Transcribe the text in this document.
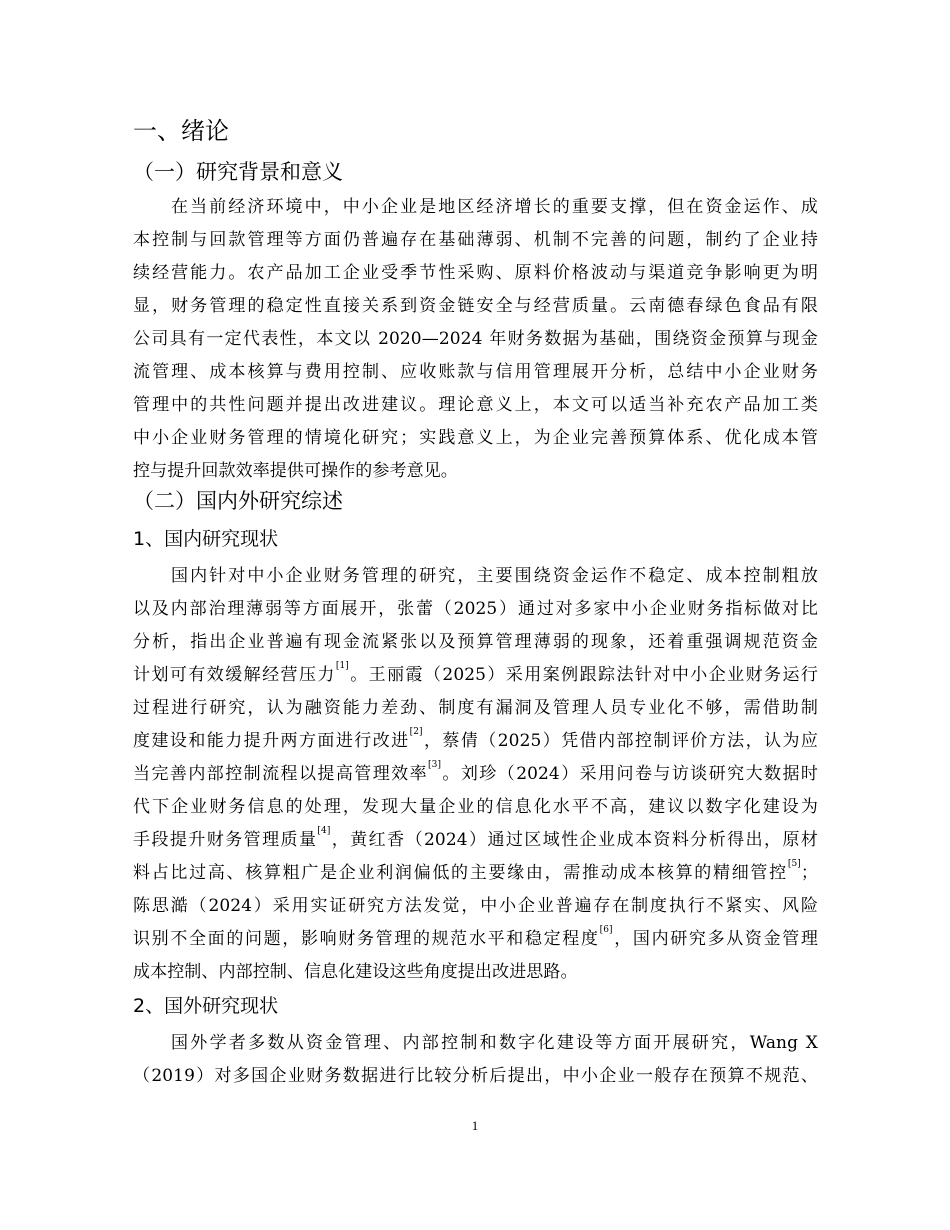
一、绪论
（一）研究背景和意义
在当前经济环境中，中小企业是地区经济增长的重要支撑，但在资金运作、成
本控制与回款管理等方面仍普遍存在基础薄弱、机制不完善的问题，制约了企业持
续经营能力。农产品加工企业受季节性采购、原料价格波动与渠道竞争影响更为明
显，财务管理的稳定性直接关系到资金链安全与经营质量。云南德春绿色食品有限
公司具有一定代表性，本文以 2020—2024 年财务数据为基础，围绕资金预算与现金
流管理、成本核算与费用控制、应收账款与信用管理展开分析，总结中小企业财务
管理中的共性问题并提出改进建议。理论意义上，本文可以适当补充农产品加工类
中小企业财务管理的情境化研究；实践意义上，为企业完善预算体系、优化成本管
控与提升回款效率提供可操作的参考意见。
（二）国内外研究综述
1、国内研究现状
国内针对中小企业财务管理的研究，主要围绕资金运作不稳定、成本控制粗放
以及内部治理薄弱等方面展开，张蕾（2025）通过对多家中小企业财务指标做对比
分析，指出企业普遍有现金流紧张以及预算管理薄弱的现象，还着重强调规范资金
计划可有效缓解经营压力[1]。王丽霞（2025）采用案例跟踪法针对中小企业财务运行
过程进行研究，认为融资能力差劲、制度有漏洞及管理人员专业化不够，需借助制
度建设和能力提升两方面进行改进[2]，蔡倩（2025）凭借内部控制评价方法，认为应
当完善内部控制流程以提高管理效率[3]。刘珍（2024）采用问卷与访谈研究大数据时
代下企业财务信息的处理，发现大量企业的信息化水平不高，建议以数字化建设为
手段提升财务管理质量[4]，黄红香（2024）通过区域性企业成本资料分析得出，原材
料占比过高、核算粗广是企业利润偏低的主要缘由，需推动成本核算的精细管控[5]；
陈思澔（2024）采用实证研究方法发觉，中小企业普遍存在制度执行不紧实、风险
识别不全面的问题，影响财务管理的规范水平和稳定程度[6]，国内研究多从资金管理
成本控制、内部控制、信息化建设这些角度提出改进思路。
2、国外研究现状
国外学者多数从资金管理、内部控制和数字化建设等方面开展研究，Wang X
（2019）对多国企业财务数据进行比较分析后提出，中小企业一般存在预算不规范、
1
